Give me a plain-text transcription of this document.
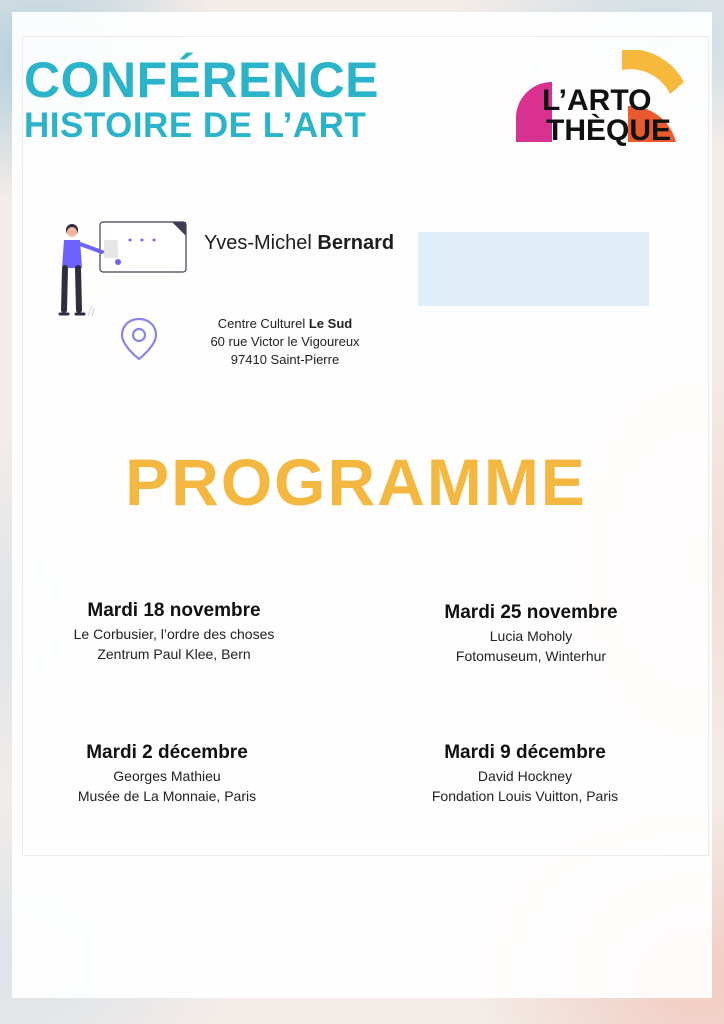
CONFÉRENCE
HISTOIRE DE L’ART
L’ARTO
THÈQUE
Yves-Michel Bernard
Centre Culturel Le Sud
60 rue Victor le Vigoureux
97410 Saint-Pierre
PROGRAMME
Mardi 18 novembre
Le Corbusier, l’ordre des choses
Zentrum Paul Klee, Bern
Mardi 25 novembre
Lucia Moholy
Fotomuseum, Winterhur
Mardi 2 décembre
Georges Mathieu
Musée de La Monnaie, Paris
Mardi 9 décembre
David Hockney
Fondation Louis Vuitton, Paris
